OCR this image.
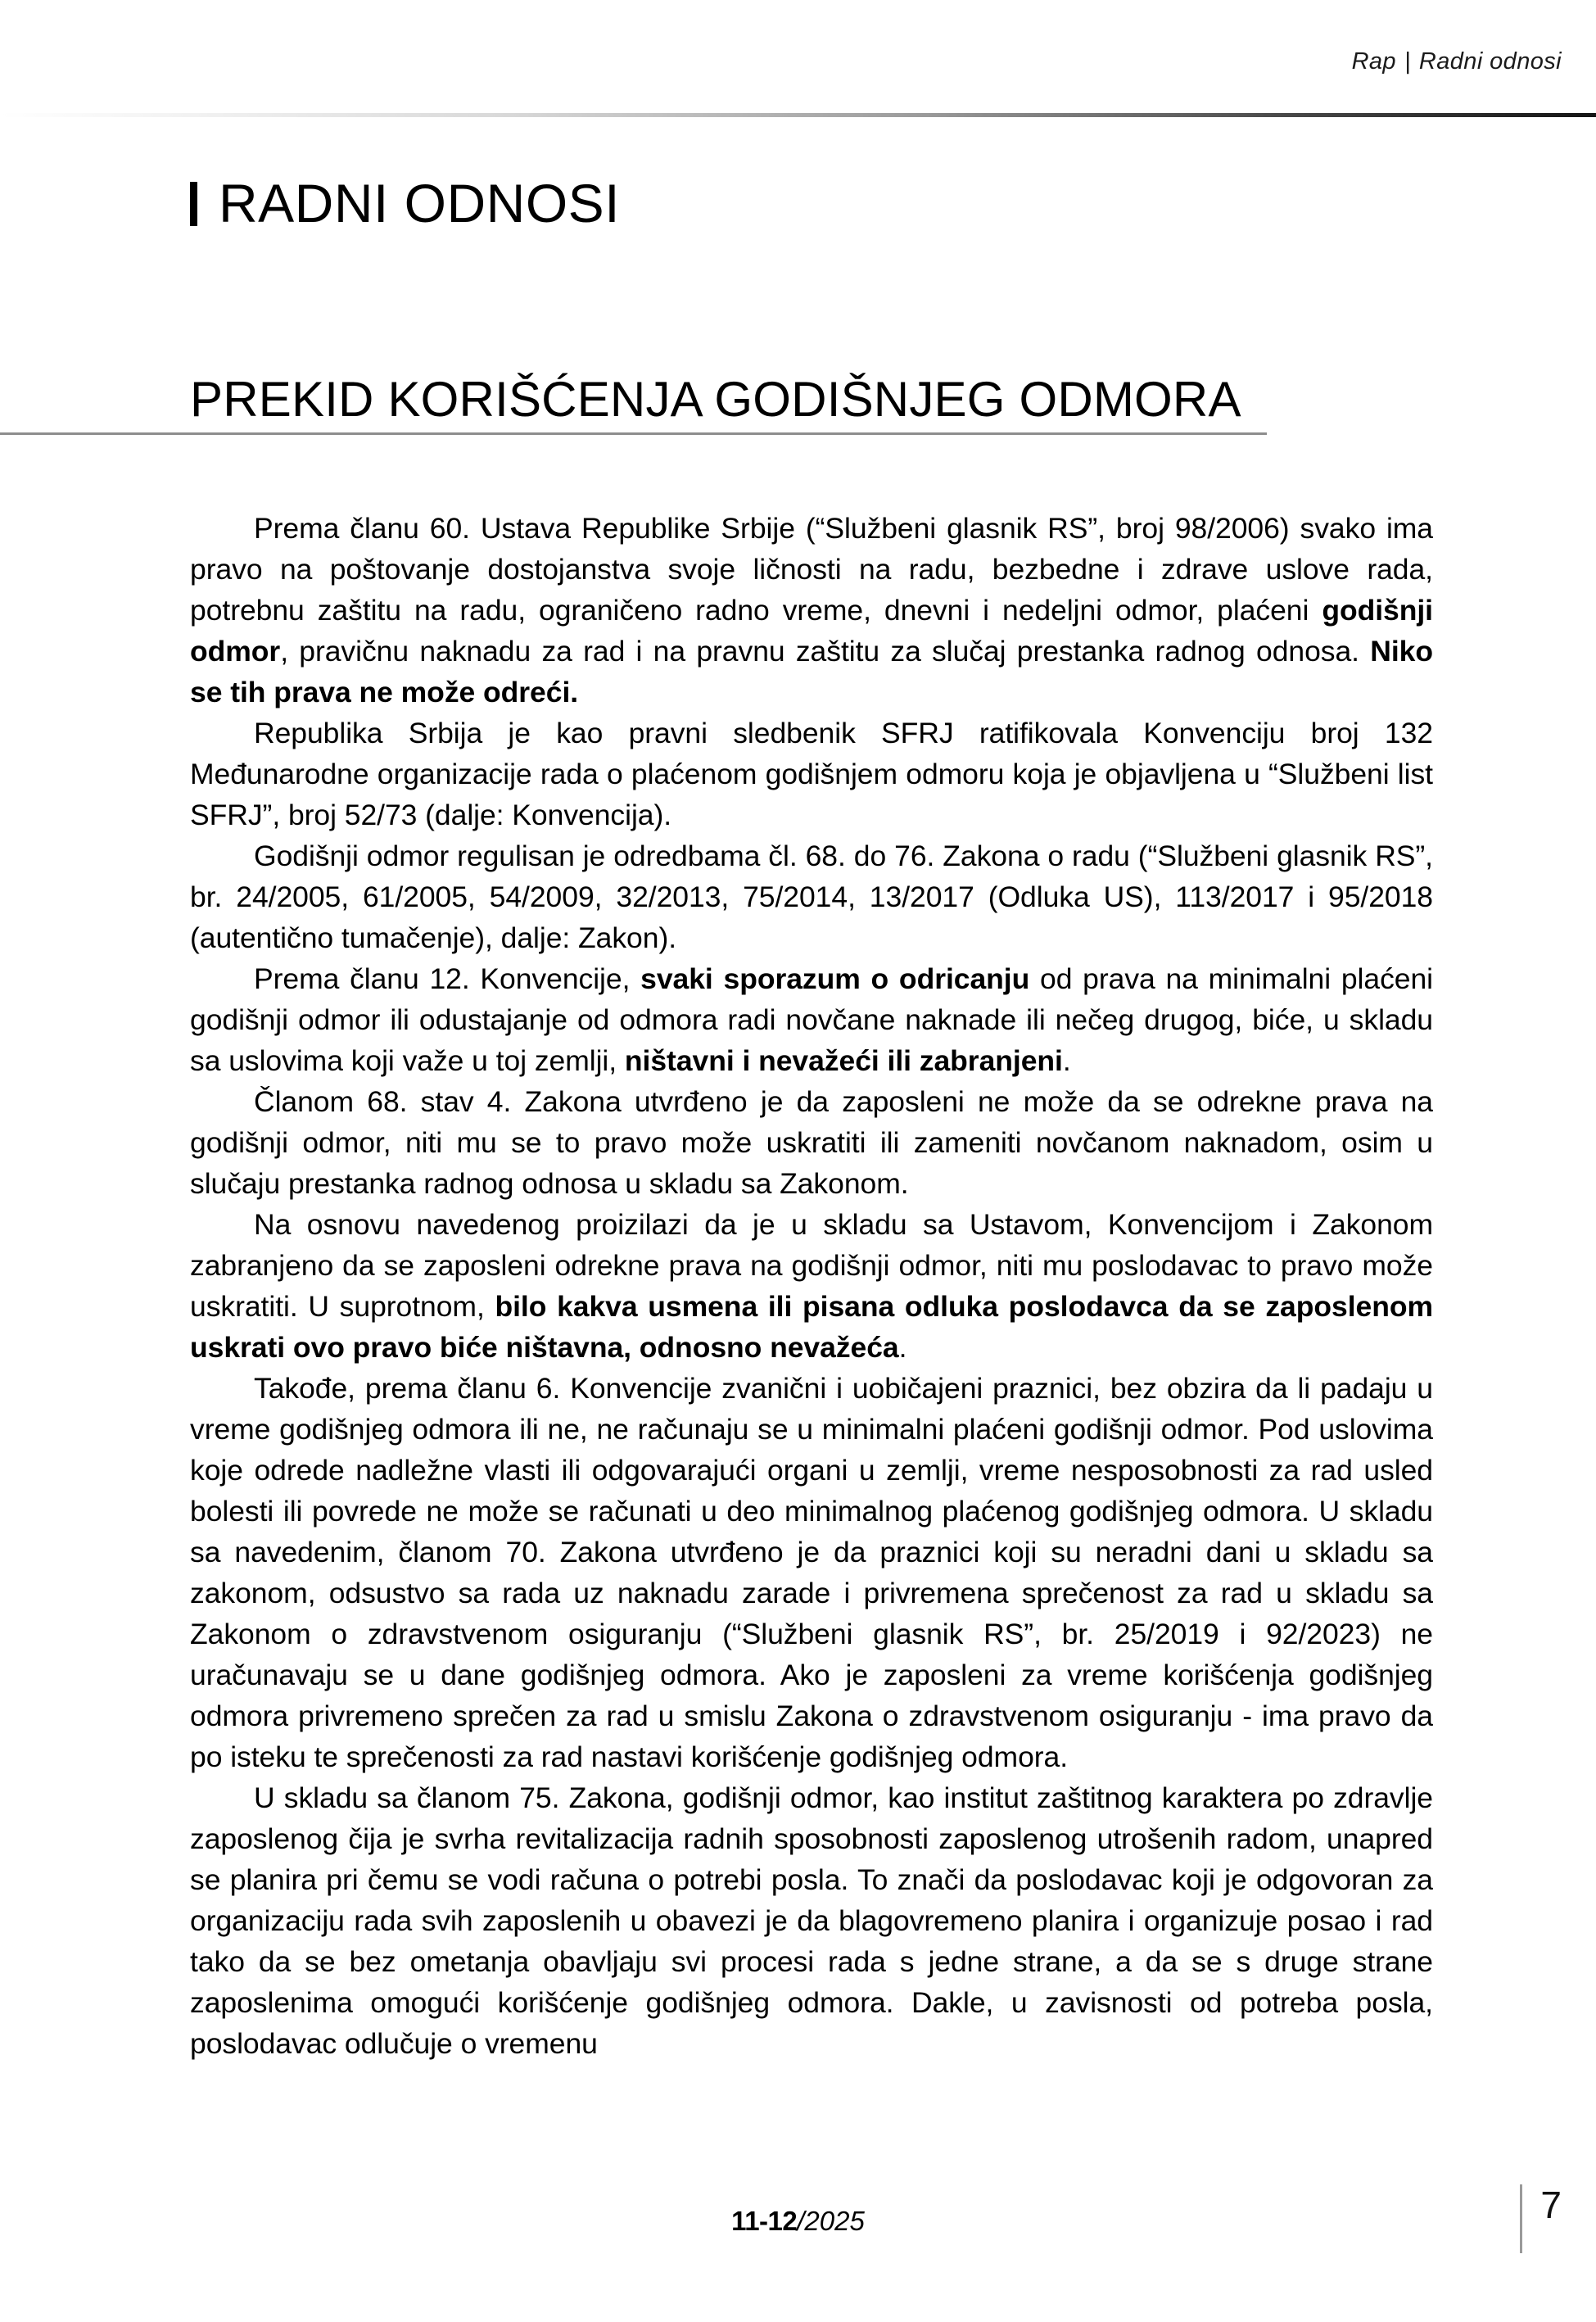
Rap | Radni odnosi
RADNI ODNOSI
PREKID KORIŠĆENJA GODIŠNJEG ODMORA

Prema članu 60. Ustava Republike Srbije (“Službeni glasnik RS”, broj 98/2006) svako ima pravo na poštovanje dostojanstva svoje ličnosti na radu, bezbedne i zdrave uslove rada, potrebnu zaštitu na radu, ograničeno radno vreme, dnevni i nedeljni odmor, plaćeni godišnji odmor, pravičnu naknadu za rad i na pravnu zaštitu za slučaj prestanka radnog odnosa. Niko se tih prava ne može odreći.

Republika Srbija je kao pravni sledbenik SFRJ ratifikovala Konvenciju broj 132 Međunarodne organizacije rada o plaćenom godišnjem odmoru koja je objavljena u “Službeni list SFRJ”, broj 52/73 (dalje: Konvencija).

Godišnji odmor regulisan je odredbama čl. 68. do 76. Zakona o radu (“Službeni glasnik RS”, br. 24/2005, 61/2005, 54/2009, 32/2013, 75/2014, 13/2017 (Odluka US), 113/2017 i 95/2018 (autentično tumačenje), dalje: Zakon).

Prema članu 12. Konvencije, svaki sporazum o odricanju od prava na minimalni plaćeni godišnji odmor ili odustajanje od odmora radi novčane naknade ili nečeg drugog, biće, u skladu sa uslovima koji važe u toj zemlji, ništavni i nevažeći ili zabranjeni.

Članom 68. stav 4. Zakona utvrđeno je da zaposleni ne može da se odrekne prava na godišnji odmor, niti mu se to pravo može uskratiti ili zameniti novčanom naknadom, osim u slučaju prestanka radnog odnosa u skladu sa Zakonom.

Na osnovu navedenog proizilazi da je u skladu sa Ustavom, Konvencijom i Zakonom zabranjeno da se zaposleni odrekne prava na godišnji odmor, niti mu poslodavac to pravo može uskratiti. U suprotnom, bilo kakva usmena ili pisana odluka poslodavca da se zaposlenom uskrati ovo pravo biće ništavna, odnosno nevažeća.

Takođe, prema članu 6. Konvencije zvanični i uobičajeni praznici, bez obzira da li padaju u vreme godišnjeg odmora ili ne, ne računaju se u minimalni plaćeni godišnji odmor. Pod uslovima koje odrede nadležne vlasti ili odgovarajući organi u zemlji, vreme nesposobnosti za rad usled bolesti ili povrede ne može se računati u deo minimalnog plaćenog godišnjeg odmora. U skladu sa navedenim, članom 70. Zakona utvrđeno je da praznici koji su neradni dani u skladu sa zakonom, odsustvo sa rada uz naknadu zarade i privremena sprečenost za rad u skladu sa Zakonom o zdravstvenom osiguranju (“Službeni glasnik RS”, br. 25/2019 i 92/2023) ne uračunavaju se u dane godišnjeg odmora. Ako je zaposleni za vreme korišćenja godišnjeg odmora privremeno sprečen za rad u smislu Zakona o zdravstvenom osiguranju - ima pravo da po isteku te sprečenosti za rad nastavi korišćenje godišnjeg odmora.

U skladu sa članom 75. Zakona, godišnji odmor, kao institut zaštitnog karaktera po zdravlje zaposlenog čija je svrha revitalizacija radnih sposobnosti zaposlenog utrošenih radom, unapred se planira pri čemu se vodi računa o potrebi posla. To znači da poslodavac koji je odgovoran za organizaciju rada svih zaposlenih u obavezi je da blagovremeno planira i organizuje posao i rad tako da se bez ometanja obavljaju svi procesi rada s jedne strane, a da se s druge strane zaposlenima omogući korišćenje godišnjeg odmora. Dakle, u zavisnosti od potreba posla, poslodavac odlučuje o vremenu

11-12/2025	7
